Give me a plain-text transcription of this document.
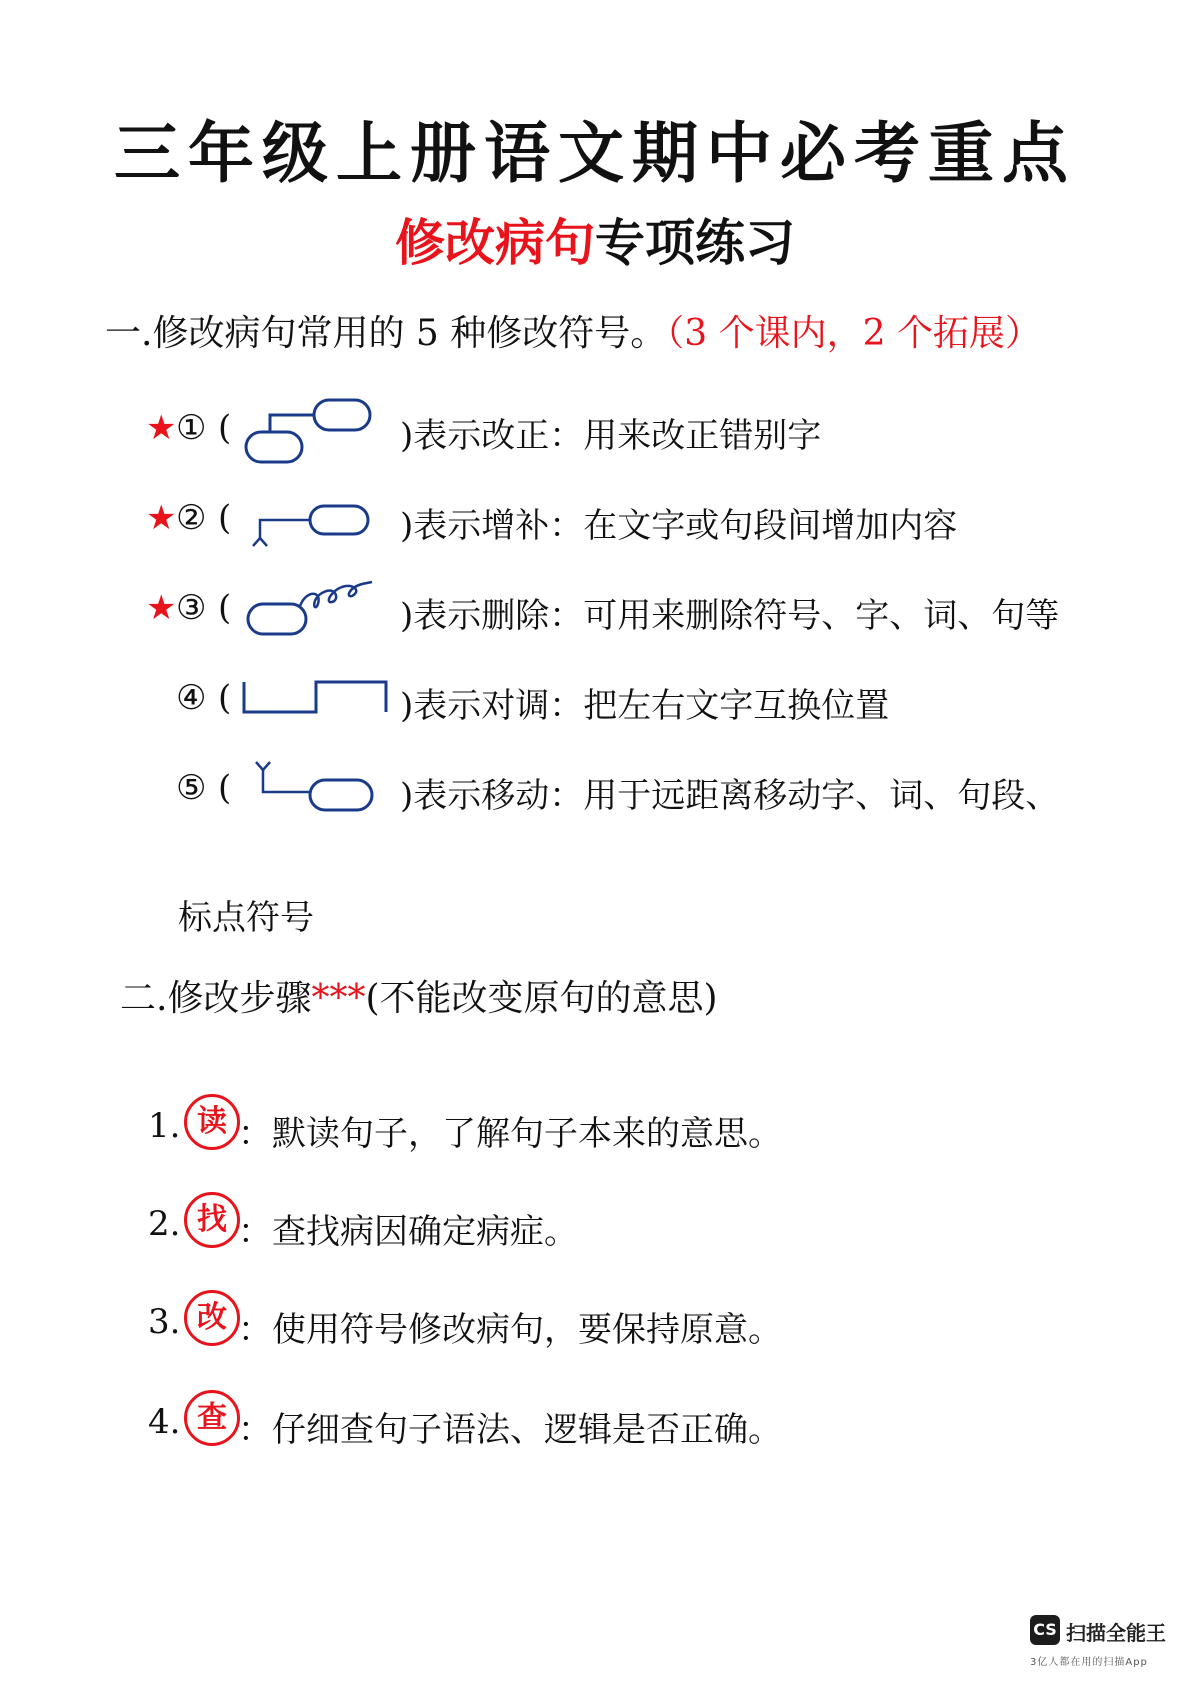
三年级上册语文期中必考重点
修改病句专项练习
一.修改病句常用的 5 种修改符号。（3 个课内，2 个拓展）
★ ① (	)表示改正：用来改正错别字
★ ② (	)表示增补：在文字或句段间增加内容
★ ③ (	)表示删除：可用来删除符号、字、词、句等
④ (	)表示对调：把左右文字互换位置
⑤ (	)表示移动：用于远距离移动字、词、句段、
标点符号
二.修改步骤***(不能改变原句的意思)
1. 读 ：默读句子，了解句子本来的意思。
2. 找 ：查找病因确定病症。
3. 改 ：使用符号修改病句，要保持原意。
4. 查 ：仔细查句子语法、逻辑是否正确。
CS 扫描全能王
3亿人都在用的扫描App
